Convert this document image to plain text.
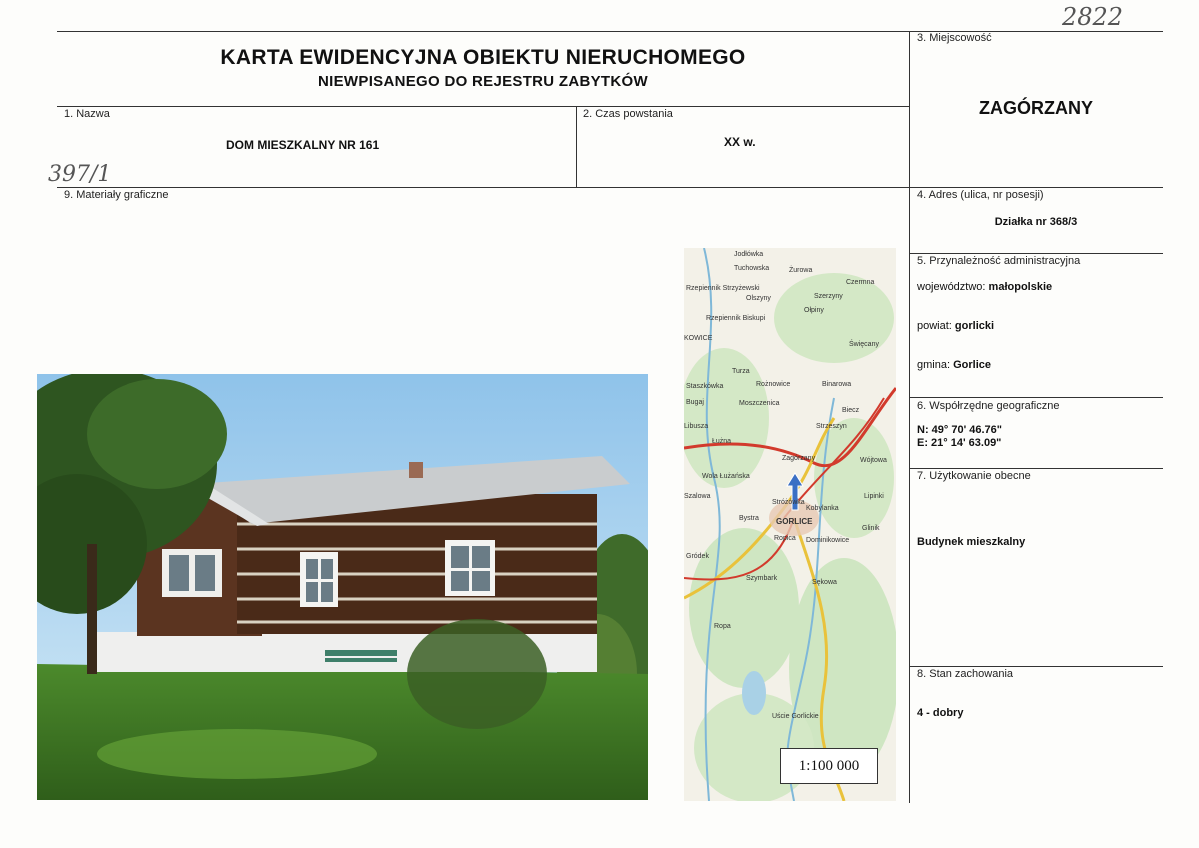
2822
KARTA EWIDENCYJNA OBIEKTU NIERUCHOMEGO
NIEWPISANEGO DO REJESTRU ZABYTKÓW
1. Nazwa
DOM MIESZKALNY NR 161
2. Czas powstania
XX w.
3. Miejscowość
ZAGÓRZANY
397/1
9. Materiały graficzne	4. Adres (ulica, nr posesji)
Działka nr 368/3
5. Przynależność administracyjna
województwo: małopolskie
powiat: gorlicki
gmina: Gorlice
6. Współrzędne geograficzne
N: 49° 70' 46.76"
E: 21° 14' 63.09"
7. Użytkowanie obecne
Budynek mieszkalny
8. Stan zachowania
4 - dobry
Jodłówka
Tuchowska	Żurowa
Rzepiennik Strzyżewski
Olszyny	Szerzyny
Czermna
Ołpiny
Rzepiennik Biskupi
KOWICE
Turza
Święcany
Staszkówka	Rożnowice
Bugaj
Biecz
Moszczenica
Strzeszyn
Libusza
Łużna
Zagórzany
Binarowa
Wola Łużańska
Kobylanka
Szalowa
Bystra
Stróżówka
GORLICE
Lipinki
Ropica Dominikowice
Glinik
Sękowa
Gródek
Szymbark
Ropa
Uście Gorlickie
Wójtowa
1:100 000
